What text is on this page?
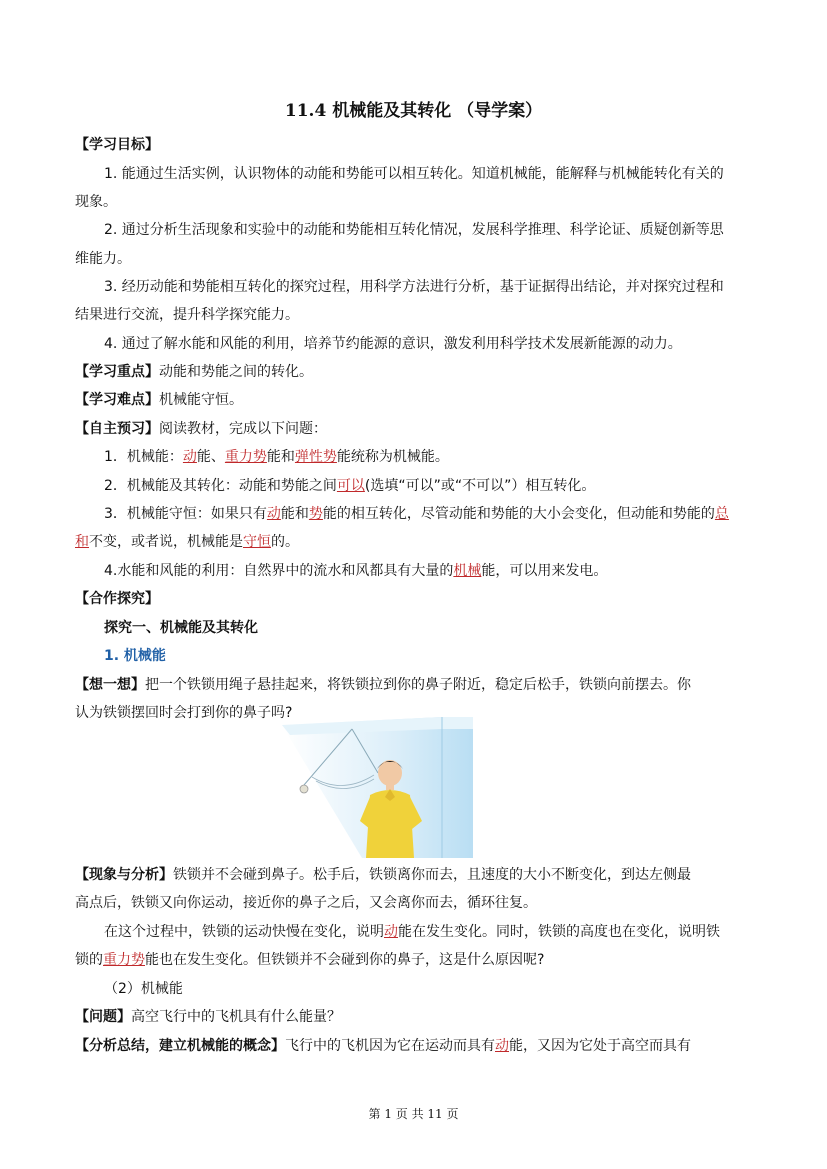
11.4 机械能及其转化 （导学案）
【学习目标】
1. 能通过生活实例，认识物体的动能和势能可以相互转化。知道机械能，能解释与机械能转化有关的
现象。
2. 通过分析生活现象和实验中的动能和势能相互转化情况，发展科学推理、科学论证、质疑创新等思
维能力。
3. 经历动能和势能相互转化的探究过程，用科学方法进行分析，基于证据得出结论，并对探究过程和
结果进行交流，提升科学探究能力。
4. 通过了解水能和风能的利用，培养节约能源的意识，激发利用科学技术发展新能源的动力。
【学习重点】动能和势能之间的转化。
【学习难点】机械能守恒。
【自主预习】阅读教材，完成以下问题：
1．机械能：动能、重力势能和弹性势能统称为机械能。
2．机械能及其转化：动能和势能之间可以(选填“可以”或“不可以”）相互转化。
3．机械能守恒：如果只有动能和势能的相互转化，尽管动能和势能的大小会变化，但动能和势能的总
和不变，或者说，机械能是守恒的。
4.水能和风能的利用：自然界中的流水和风都具有大量的机械能，可以用来发电。
【合作探究】
探究一、机械能及其转化
1. 机械能
【想一想】把一个铁锁用绳子悬挂起来，将铁锁拉到你的鼻子附近，稳定后松手，铁锁向前摆去。你
认为铁锁摆回时会打到你的鼻子吗?
【现象与分析】铁锁并不会碰到鼻子。松手后，铁锁离你而去，且速度的大小不断变化，到达左侧最
高点后，铁锁又向你运动，接近你的鼻子之后，又会离你而去，循环往复。
在这个过程中，铁锁的运动快慢在变化，说明动能在发生变化。同时，铁锁的高度也在变化，说明铁
锁的重力势能也在发生变化。但铁锁并不会碰到你的鼻子，这是什么原因呢?
（2）机械能
【问题】高空飞行中的飞机具有什么能量？
【分析总结，建立机械能的概念】飞行中的飞机因为它在运动而具有动能，又因为它处于高空而具有
第 1 页 共 11 页
